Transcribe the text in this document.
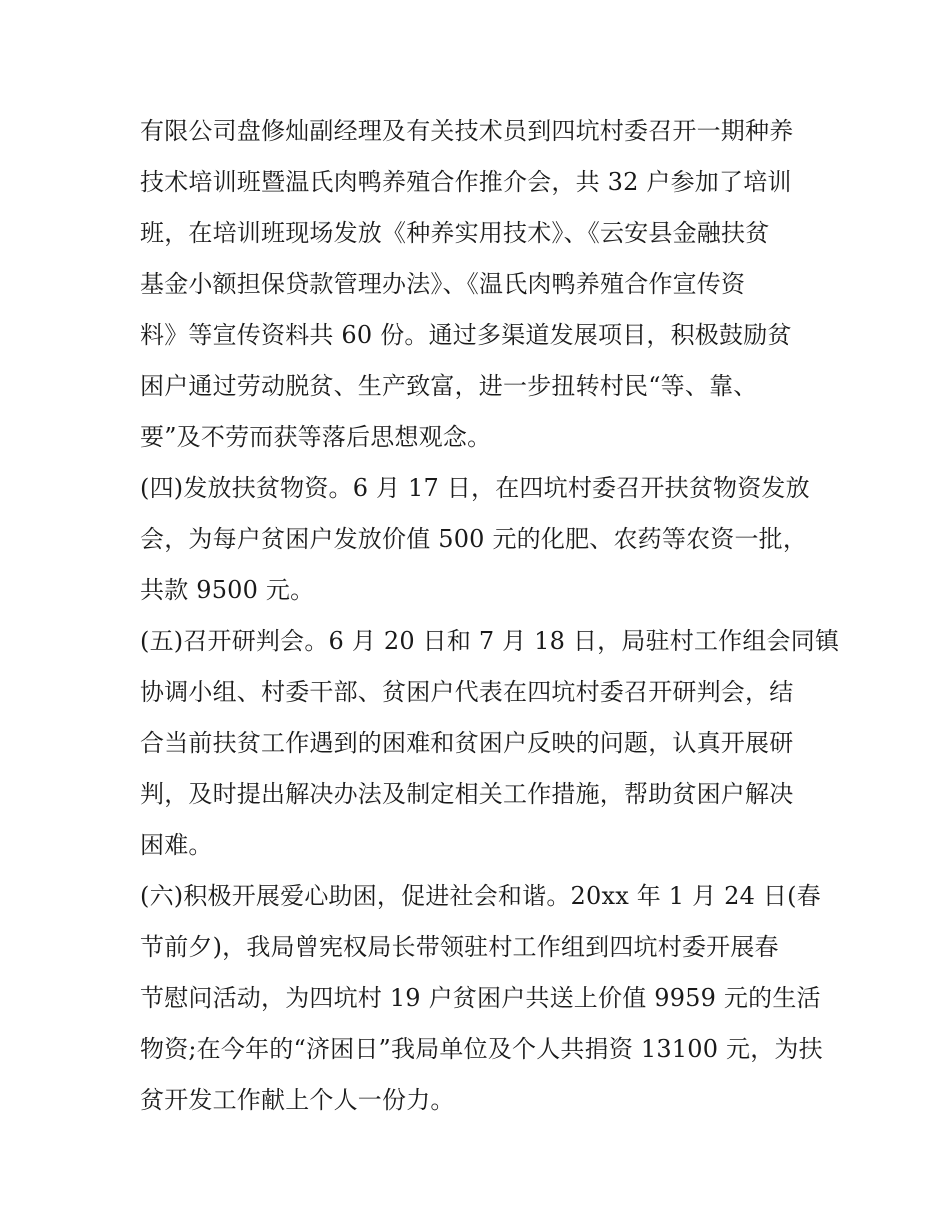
有限公司盘修灿副经理及有关技术员到四坑村委召开一期种养
技术培训班暨温氏肉鸭养殖合作推介会，共 32 户参加了培训
班，在培训班现场发放《种养实用技术》、《云安县金融扶贫
基金小额担保贷款管理办法》、《温氏肉鸭养殖合作宣传资
料》等宣传资料共 60 份。通过多渠道发展项目，积极鼓励贫
困户通过劳动脱贫、生产致富，进一步扭转村民“等、靠、
要”及不劳而获等落后思想观念。
(四)发放扶贫物资。6 月 17 日，在四坑村委召开扶贫物资发放
会，为每户贫困户发放价值 500 元的化肥、农药等农资一批，
共款 9500 元。
(五)召开研判会。6 月 20 日和 7 月 18 日，局驻村工作组会同镇
协调小组、村委干部、贫困户代表在四坑村委召开研判会，结
合当前扶贫工作遇到的困难和贫困户反映的问题，认真开展研
判，及时提出解决办法及制定相关工作措施，帮助贫困户解决
困难。
(六)积极开展爱心助困，促进社会和谐。20xx 年 1 月 24 日(春
节前夕)，我局曾宪权局长带领驻村工作组到四坑村委开展春
节慰问活动，为四坑村 19 户贫困户共送上价值 9959 元的生活
物资;在今年的“济困日”我局单位及个人共捐资 13100 元，为扶
贫开发工作献上个人一份力。
